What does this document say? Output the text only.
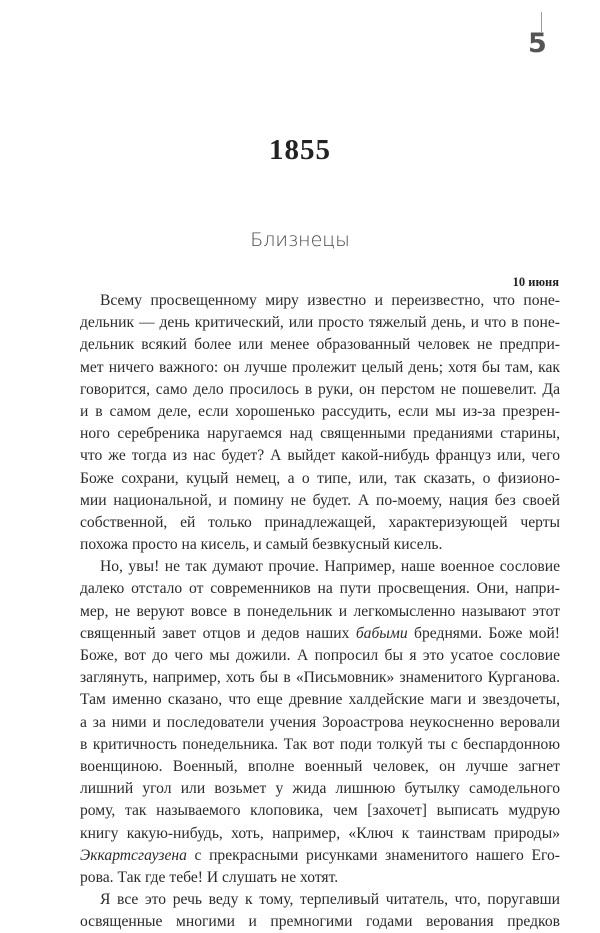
5
1855
Близнецы
10 июня
Всему просвещенному миру известно и переизвестно, что поне-
дельник — день критический, или просто тяжелый день, и что в поне-
дельник всякий более или менее образованный человек не предпри-
мет ничего важного: он лучше пролежит целый день; хотя бы там, как
говорится, само дело просилось в руки, он перстом не пошевелит. Да
и в самом деле, если хорошенько рассудить, если мы из-за презрен-
ного серебреника наругаемся над священными преданиями старины,
что же тогда из нас будет? А выйдет какой-нибудь француз или, чего
Боже сохрани, куцый немец, а о типе, или, так сказать, о физионо-
мии национальной, и помину не будет. А по-моему, нация без своей
собственной, ей только принадлежащей, характеризующей черты
похожа просто на кисель, и самый безвкусный кисель.
Но, увы! не так думают прочие. Например, наше военное сословие
далеко отстало от современников на пути просвещения. Они, напри-
мер, не веруют вовсе в понедельник и легкомысленно называют этот
священный завет отцов и дедов наших бабыми бреднями. Боже мой!
Боже, вот до чего мы дожили. А попросил бы я это усатое сословие
заглянуть, например, хоть бы в «Письмовник» знаменитого Курганова.
Там именно сказано, что еще древние халдейские маги и звездочеты,
а за ними и последователи учения Зороастрова неукосненно веровали
в критичность понедельника. Так вот поди толкуй ты с беспардонною
военщиною. Военный, вполне военный человек, он лучше загнет
лишний угол или возьмет у жида лишнюю бутылку самодельного
рому, так называемого клоповика, чем [захочет] выписать мудрую
книгу какую-нибудь, хоть, например, «Ключ к таинствам природы»
Эккартсгаузена с прекрасными рисунками знаменитого нашего Его-
рова. Так где тебе! И слушать не хотят.
Я все это речь веду к тому, терпеливый читатель, что, поругавши
освященные многими и премногими годами верования предков
